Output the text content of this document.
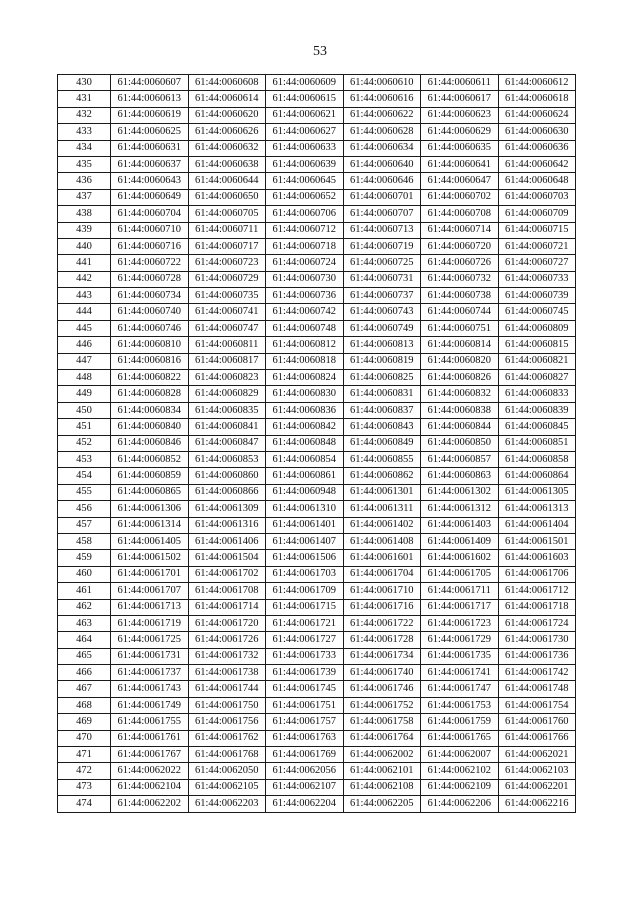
53
430	61:44:0060607	61:44:0060608	61:44:0060609	61:44:0060610	61:44:0060611	61:44:0060612
431	61:44:0060613	61:44:0060614	61:44:0060615	61:44:0060616	61:44:0060617	61:44:0060618
432	61:44:0060619	61:44:0060620	61:44:0060621	61:44:0060622	61:44:0060623	61:44:0060624
433	61:44:0060625	61:44:0060626	61:44:0060627	61:44:0060628	61:44:0060629	61:44:0060630
434	61:44:0060631	61:44:0060632	61:44:0060633	61:44:0060634	61:44:0060635	61:44:0060636
435	61:44:0060637	61:44:0060638	61:44:0060639	61:44:0060640	61:44:0060641	61:44:0060642
436	61:44:0060643	61:44:0060644	61:44:0060645	61:44:0060646	61:44:0060647	61:44:0060648
437	61:44:0060649	61:44:0060650	61:44:0060652	61:44:0060701	61:44:0060702	61:44:0060703
438	61:44:0060704	61:44:0060705	61:44:0060706	61:44:0060707	61:44:0060708	61:44:0060709
439	61:44:0060710	61:44:0060711	61:44:0060712	61:44:0060713	61:44:0060714	61:44:0060715
440	61:44:0060716	61:44:0060717	61:44:0060718	61:44:0060719	61:44:0060720	61:44:0060721
441	61:44:0060722	61:44:0060723	61:44:0060724	61:44:0060725	61:44:0060726	61:44:0060727
442	61:44:0060728	61:44:0060729	61:44:0060730	61:44:0060731	61:44:0060732	61:44:0060733
443	61:44:0060734	61:44:0060735	61:44:0060736	61:44:0060737	61:44:0060738	61:44:0060739
444	61:44:0060740	61:44:0060741	61:44:0060742	61:44:0060743	61:44:0060744	61:44:0060745
445	61:44:0060746	61:44:0060747	61:44:0060748	61:44:0060749	61:44:0060751	61:44:0060809
446	61:44:0060810	61:44:0060811	61:44:0060812	61:44:0060813	61:44:0060814	61:44:0060815
447	61:44:0060816	61:44:0060817	61:44:0060818	61:44:0060819	61:44:0060820	61:44:0060821
448	61:44:0060822	61:44:0060823	61:44:0060824	61:44:0060825	61:44:0060826	61:44:0060827
449	61:44:0060828	61:44:0060829	61:44:0060830	61:44:0060831	61:44:0060832	61:44:0060833
450	61:44:0060834	61:44:0060835	61:44:0060836	61:44:0060837	61:44:0060838	61:44:0060839
451	61:44:0060840	61:44:0060841	61:44:0060842	61:44:0060843	61:44:0060844	61:44:0060845
452	61:44:0060846	61:44:0060847	61:44:0060848	61:44:0060849	61:44:0060850	61:44:0060851
453	61:44:0060852	61:44:0060853	61:44:0060854	61:44:0060855	61:44:0060857	61:44:0060858
454	61:44:0060859	61:44:0060860	61:44:0060861	61:44:0060862	61:44:0060863	61:44:0060864
455	61:44:0060865	61:44:0060866	61:44:0060948	61:44:0061301	61:44:0061302	61:44:0061305
456	61:44:0061306	61:44:0061309	61:44:0061310	61:44:0061311	61:44:0061312	61:44:0061313
457	61:44:0061314	61:44:0061316	61:44:0061401	61:44:0061402	61:44:0061403	61:44:0061404
458	61:44:0061405	61:44:0061406	61:44:0061407	61:44:0061408	61:44:0061409	61:44:0061501
459	61:44:0061502	61:44:0061504	61:44:0061506	61:44:0061601	61:44:0061602	61:44:0061603
460	61:44:0061701	61:44:0061702	61:44:0061703	61:44:0061704	61:44:0061705	61:44:0061706
461	61:44:0061707	61:44:0061708	61:44:0061709	61:44:0061710	61:44:0061711	61:44:0061712
462	61:44:0061713	61:44:0061714	61:44:0061715	61:44:0061716	61:44:0061717	61:44:0061718
463	61:44:0061719	61:44:0061720	61:44:0061721	61:44:0061722	61:44:0061723	61:44:0061724
464	61:44:0061725	61:44:0061726	61:44:0061727	61:44:0061728	61:44:0061729	61:44:0061730
465	61:44:0061731	61:44:0061732	61:44:0061733	61:44:0061734	61:44:0061735	61:44:0061736
466	61:44:0061737	61:44:0061738	61:44:0061739	61:44:0061740	61:44:0061741	61:44:0061742
467	61:44:0061743	61:44:0061744	61:44:0061745	61:44:0061746	61:44:0061747	61:44:0061748
468	61:44:0061749	61:44:0061750	61:44:0061751	61:44:0061752	61:44:0061753	61:44:0061754
469	61:44:0061755	61:44:0061756	61:44:0061757	61:44:0061758	61:44:0061759	61:44:0061760
470	61:44:0061761	61:44:0061762	61:44:0061763	61:44:0061764	61:44:0061765	61:44:0061766
471	61:44:0061767	61:44:0061768	61:44:0061769	61:44:0062002	61:44:0062007	61:44:0062021
472	61:44:0062022	61:44:0062050	61:44:0062056	61:44:0062101	61:44:0062102	61:44:0062103
473	61:44:0062104	61:44:0062105	61:44:0062107	61:44:0062108	61:44:0062109	61:44:0062201
474	61:44:0062202	61:44:0062203	61:44:0062204	61:44:0062205	61:44:0062206	61:44:0062216
